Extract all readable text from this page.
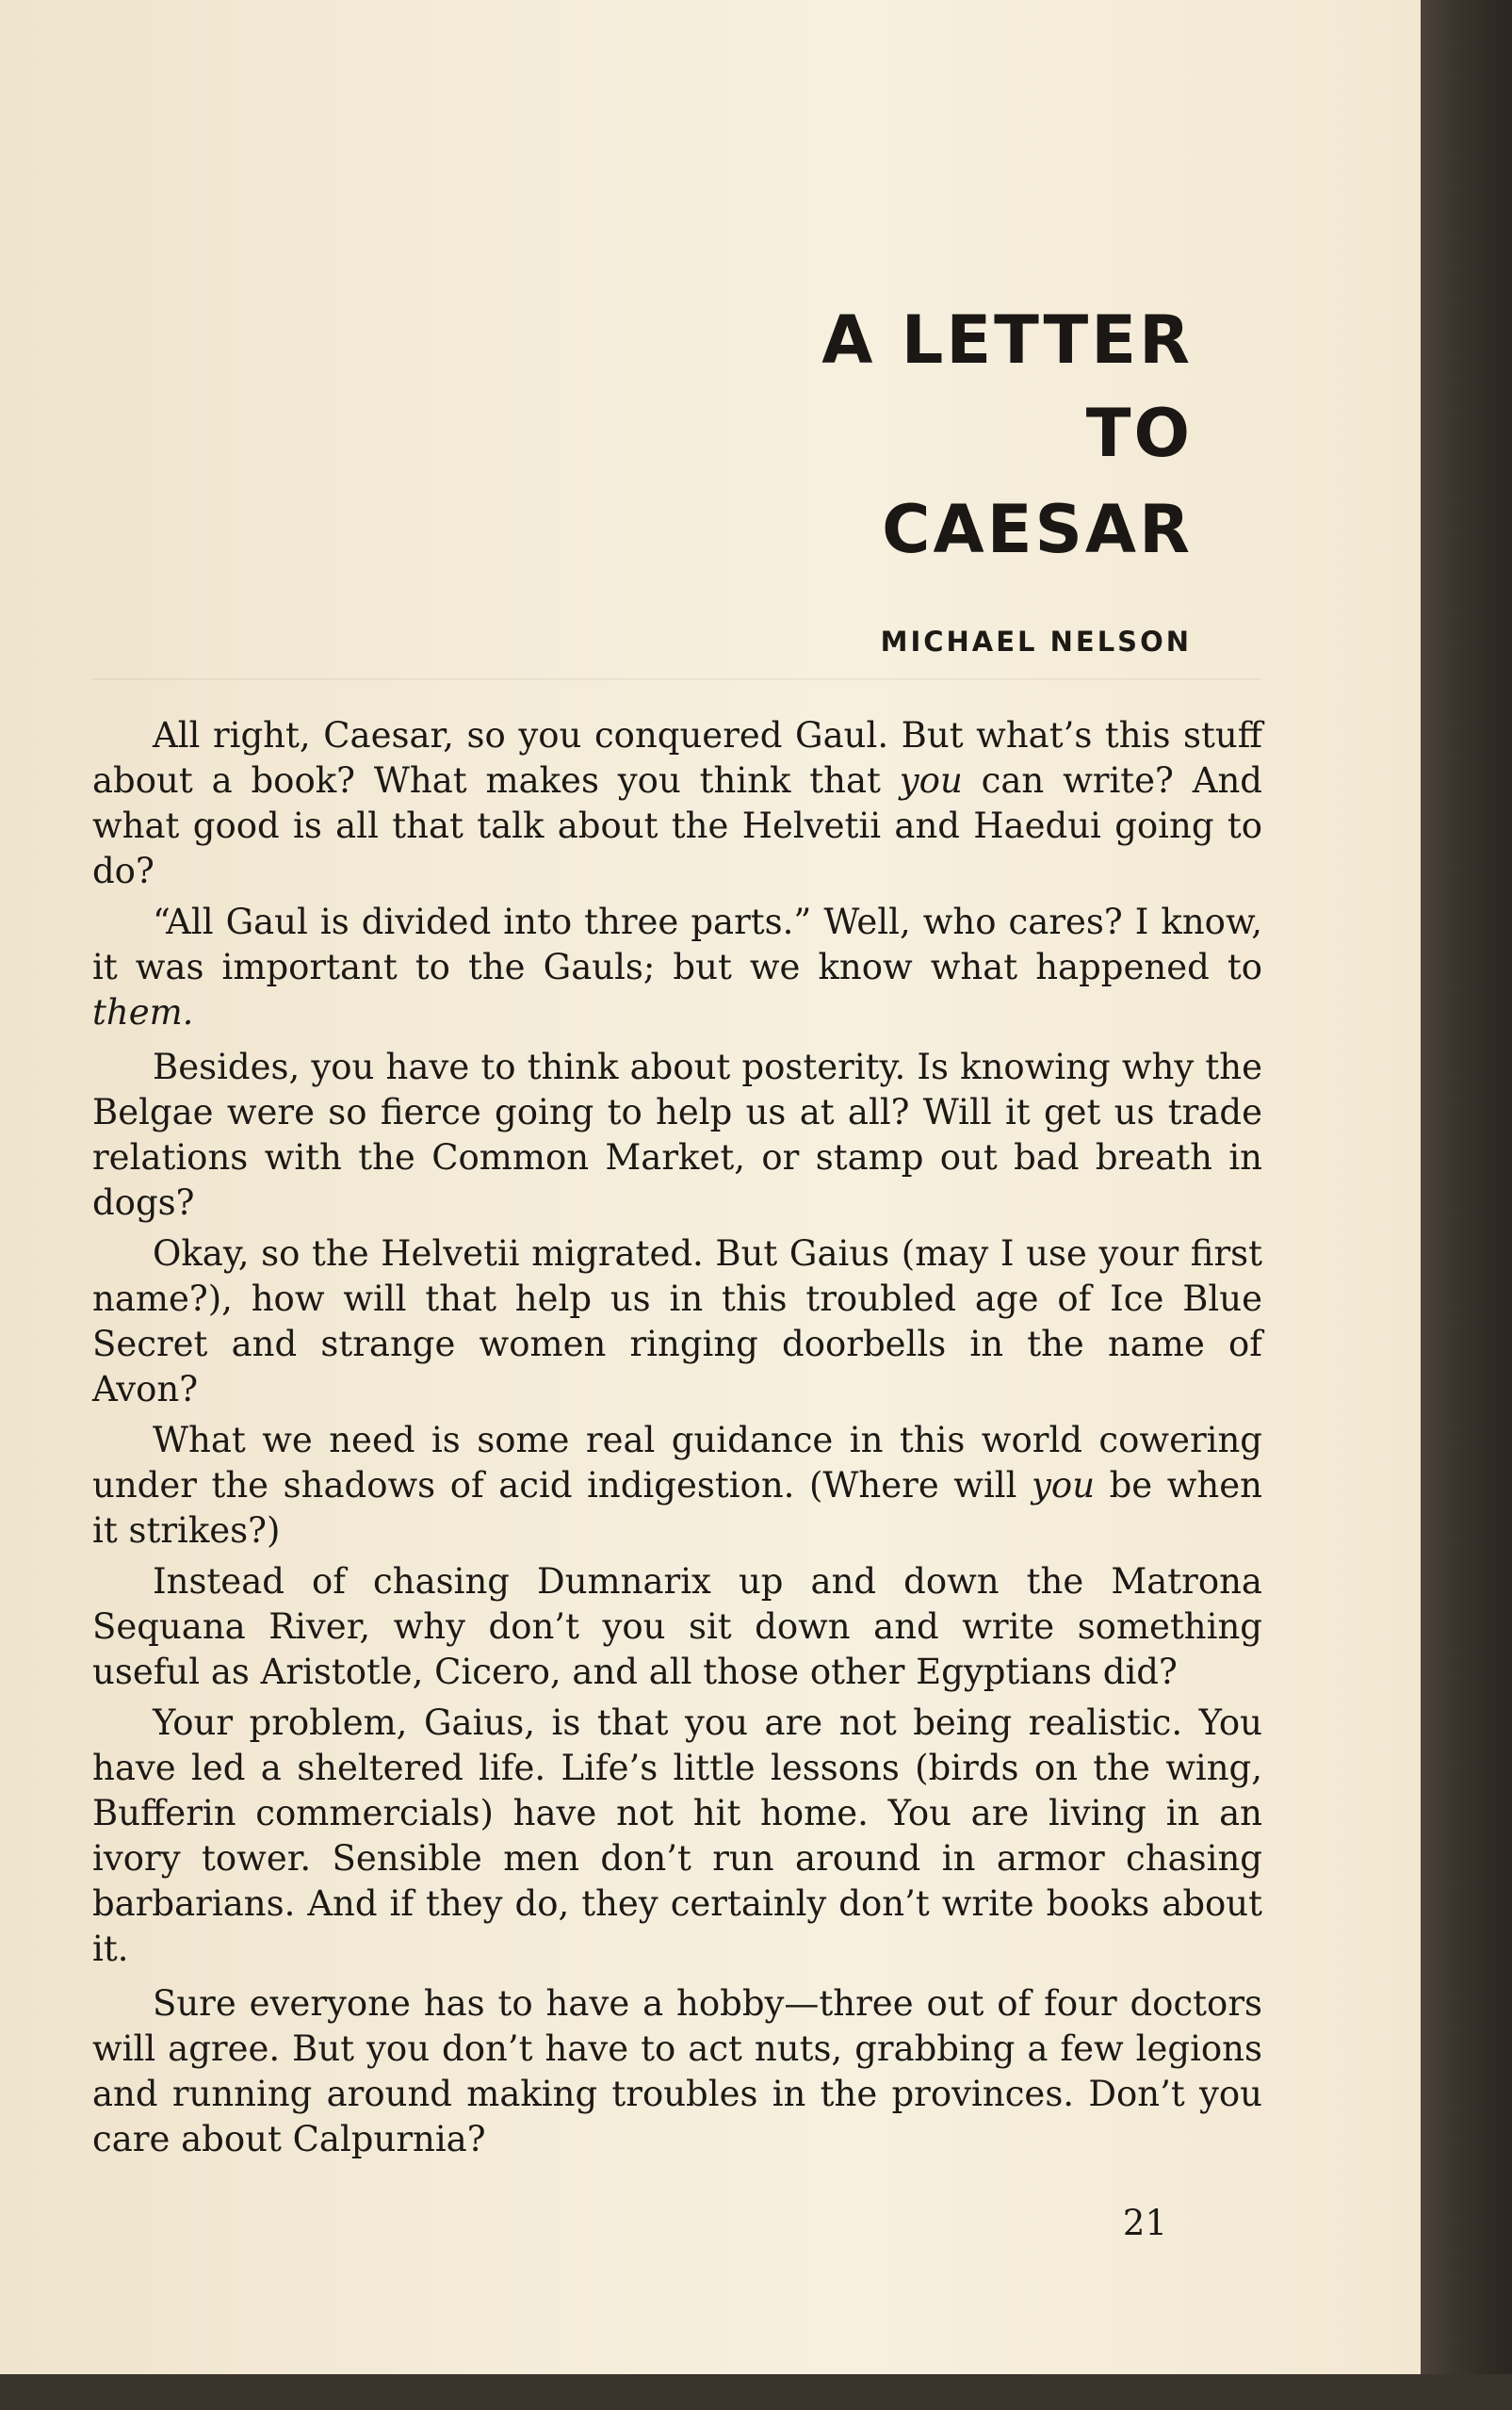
A LETTER
TO
CAESAR
MICHAEL NELSON

All right, Caesar, so you conquered Gaul. But what’s this stuff about a book? What makes you think that you can write? And what good is all that talk about the Helvetii and Haedui going to do?

“All Gaul is divided into three parts.” Well, who cares? I know, it was important to the Gauls; but we know what happened to them.

Besides, you have to think about posterity. Is knowing why the Belgae were so fierce going to help us at all? Will it get us trade relations with the Common Market, or stamp out bad breath in dogs?

Okay, so the Helvetii migrated. But Gaius (may I use your first name?), how will that help us in this troubled age of Ice Blue Secret and strange women ringing doorbells in the name of Avon?

What we need is some real guidance in this world cowering under the shadows of acid indigestion. (Where will you be when it strikes?)

Instead of chasing Dumnarix up and down the Matrona Sequana River, why don’t you sit down and write something useful as Aristotle, Cicero, and all those other Egyptians did?

Your problem, Gaius, is that you are not being realistic. You have led a sheltered life. Life’s little lessons (birds on the wing, Bufferin commercials) have not hit home. You are living in an ivory tower. Sensible men don’t run around in armor chasing barbarians. And if they do, they certainly don’t write books about it.

Sure everyone has to have a hobby—three out of four doctors will agree. But you don’t have to act nuts, grabbing a few legions and running around making troubles in the provinces. Don’t you care about Calpurnia?

21
